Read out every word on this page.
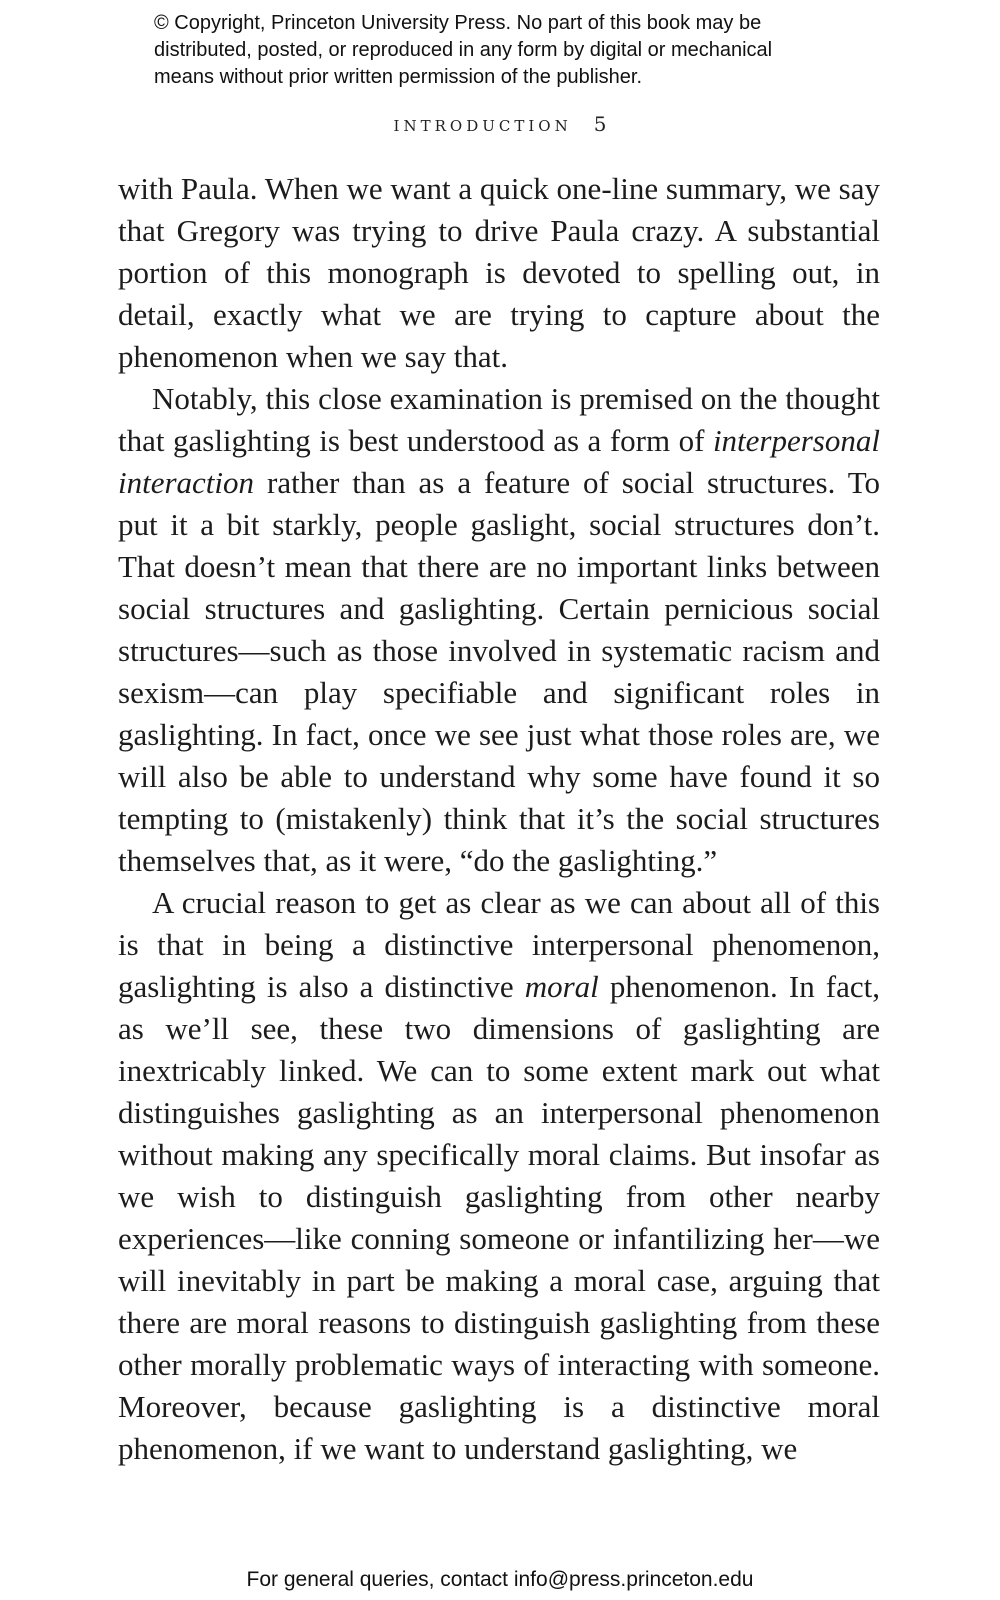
© Copyright, Princeton University Press. No part of this book may be
distributed, posted, or reproduced in any form by digital or mechanical
means without prior written permission of the publisher.
INTRODUCTION 5

with Paula. When we want a quick one-line summary, we say that Gregory was trying to drive Paula crazy. A substantial portion of this monograph is devoted to spelling out, in detail, exactly what we are trying to capture about the phenomenon when we say that.

Notably, this close examination is premised on the thought that gaslighting is best understood as a form of interpersonal interaction rather than as a feature of social structures. To put it a bit starkly, people gaslight, social structures don’t. That doesn’t mean that there are no important links between social structures and gaslighting. Certain pernicious social structures—such as those involved in systematic racism and sexism—can play specifiable and significant roles in gaslighting. In fact, once we see just what those roles are, we will also be able to understand why some have found it so tempting to (mistakenly) think that it’s the social structures themselves that, as it were, “do the gaslighting.”

A crucial reason to get as clear as we can about all of this is that in being a distinctive interpersonal phenomenon, gaslighting is also a distinctive moral phenomenon. In fact, as we’ll see, these two dimensions of gaslighting are inextricably linked. We can to some extent mark out what distinguishes gaslighting as an interpersonal phenomenon without making any specifically moral claims. But insofar as we wish to distinguish gaslighting from other nearby experiences—like conning someone or infantilizing her—we will inevitably in part be making a moral case, arguing that there are moral reasons to distinguish gaslighting from these other morally problematic ways of interacting with someone. Moreover, because gaslighting is a distinctive moral phenomenon, if we want to understand gaslighting, we

For general queries, contact info@press.princeton.edu
